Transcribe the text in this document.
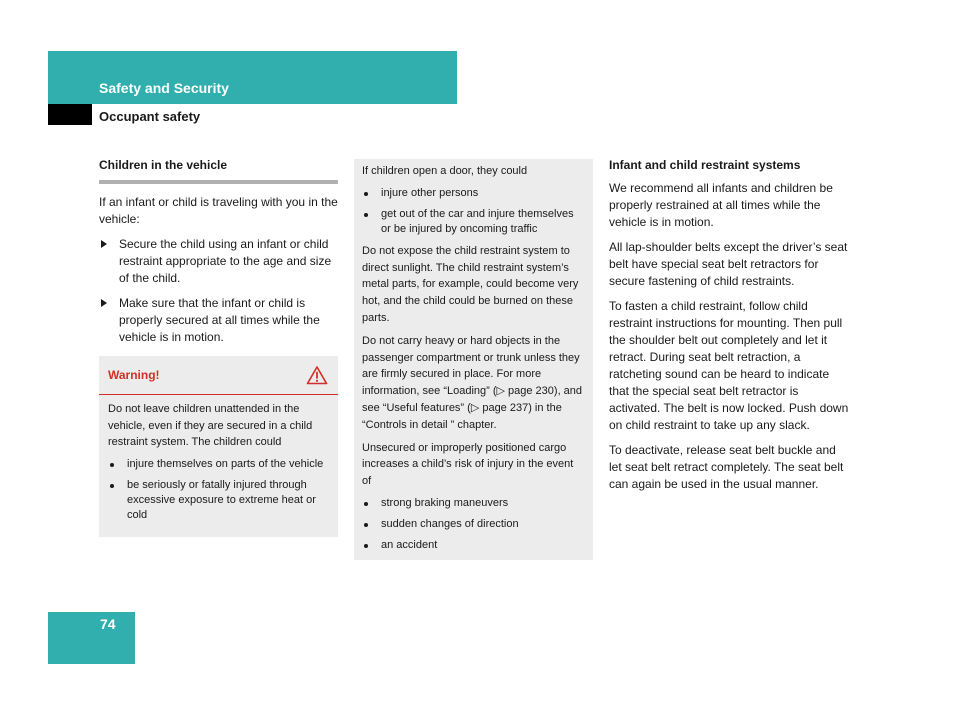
Safety and Security
Occupant safety
Children in the vehicle

If an infant or child is traveling with you in the vehicle:

Secure the child using an infant or child restraint appropriate to the age and size of the child.
Make sure that the infant or child is properly secured at all times while the vehicle is in motion.
Warning!
Do not leave children unattended in the vehicle, even if they are secured in a child restraint system. The children could
injure themselves on parts of the vehicle
be seriously or fatally injured through excessive exposure to extreme heat or cold

If children open a door, they could

injure other persons
get out of the car and injure themselves or be injured by oncoming traffic

Do not expose the child restraint system to direct sunlight. The child restraint system’s metal parts, for example, could become very hot, and the child could be burned on these parts.

Do not carry heavy or hard objects in the passenger compartment or trunk unless they are firmly secured in place. For more information, see “Loading” (▷ page 230), and see “Useful features” (▷ page 237) in the “Controls in detail ” chapter.

Unsecured or improperly positioned cargo increases a child’s risk of injury in the event of

strong braking maneuvers
sudden changes of direction
an accident
Infant and child restraint systems

We recommend all infants and children be properly restrained at all times while the vehicle is in motion.

All lap-shoulder belts except the driver’s seat belt have special seat belt retractors for secure fastening of child restraints.

To fasten a child restraint, follow child restraint instructions for mounting. Then pull the shoulder belt out completely and let it retract. During seat belt retraction, a ratcheting sound can be heard to indicate that the special seat belt retractor is activated. The belt is now locked. Push down on child restraint to take up any slack.

To deactivate, release seat belt buckle and let seat belt retract completely. The seat belt can again be used in the usual manner.

74
